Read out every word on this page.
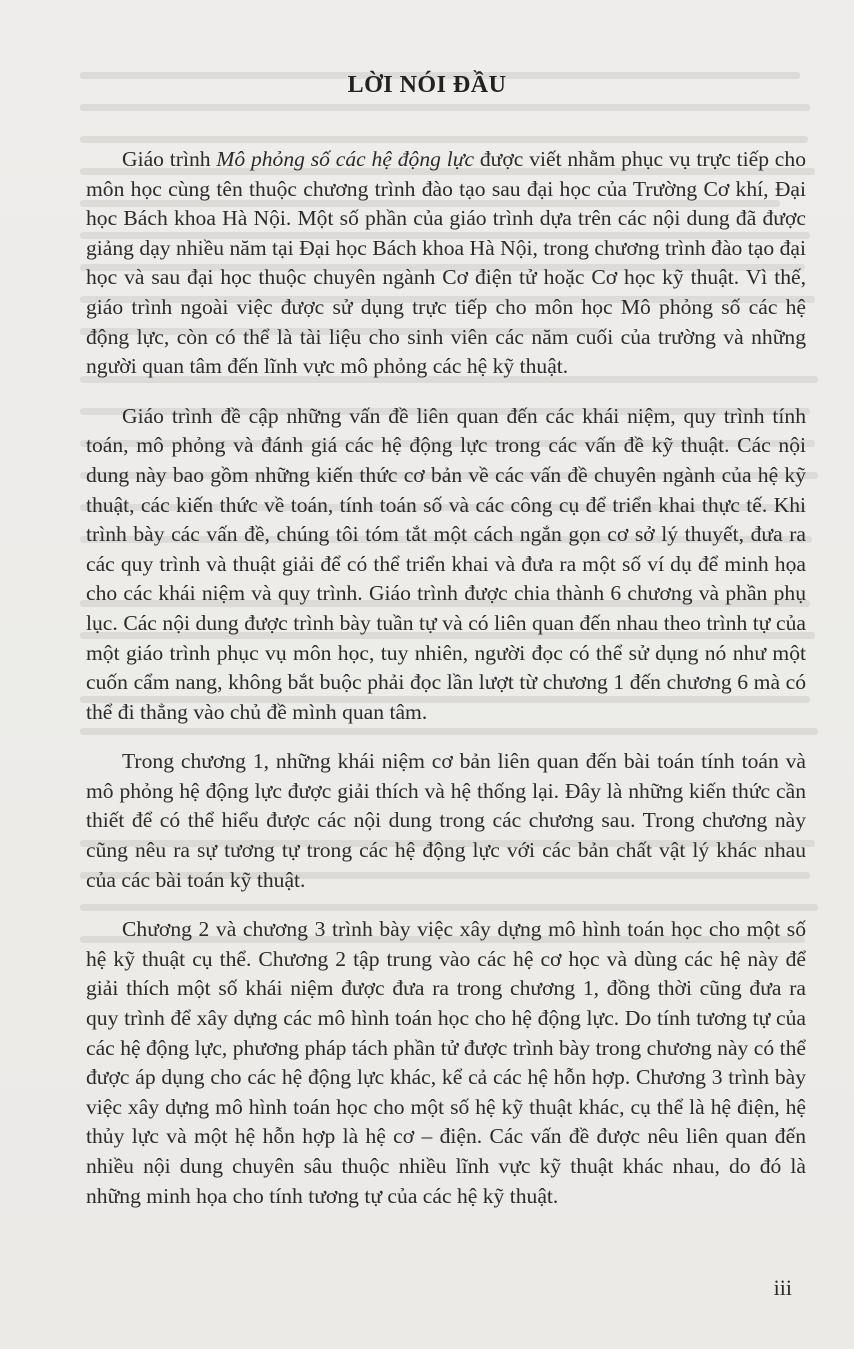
LỜI NÓI ĐẦU

Giáo trình Mô phỏng số các hệ động lực được viết nhằm phục vụ trực tiếp cho môn học cùng tên thuộc chương trình đào tạo sau đại học của Trường Cơ khí, Đại học Bách khoa Hà Nội. Một số phần của giáo trình dựa trên các nội dung đã được giảng dạy nhiều năm tại Đại học Bách khoa Hà Nội, trong chương trình đào tạo đại học và sau đại học thuộc chuyên ngành Cơ điện tử hoặc Cơ học kỹ thuật. Vì thế, giáo trình ngoài việc được sử dụng trực tiếp cho môn học Mô phỏng số các hệ động lực, còn có thể là tài liệu cho sinh viên các năm cuối của trường và những người quan tâm đến lĩnh vực mô phỏng các hệ kỹ thuật.

Giáo trình đề cập những vấn đề liên quan đến các khái niệm, quy trình tính toán, mô phỏng và đánh giá các hệ động lực trong các vấn đề kỹ thuật. Các nội dung này bao gồm những kiến thức cơ bản về các vấn đề chuyên ngành của hệ kỹ thuật, các kiến thức về toán, tính toán số và các công cụ để triển khai thực tế. Khi trình bày các vấn đề, chúng tôi tóm tắt một cách ngắn gọn cơ sở lý thuyết, đưa ra các quy trình và thuật giải để có thể triển khai và đưa ra một số ví dụ để minh họa cho các khái niệm và quy trình. Giáo trình được chia thành 6 chương và phần phụ lục. Các nội dung được trình bày tuần tự và có liên quan đến nhau theo trình tự của một giáo trình phục vụ môn học, tuy nhiên, người đọc có thể sử dụng nó như một cuốn cẩm nang, không bắt buộc phải đọc lần lượt từ chương 1 đến chương 6 mà có thể đi thẳng vào chủ đề mình quan tâm.

Trong chương 1, những khái niệm cơ bản liên quan đến bài toán tính toán và mô phỏng hệ động lực được giải thích và hệ thống lại. Đây là những kiến thức cần thiết để có thể hiểu được các nội dung trong các chương sau. Trong chương này cũng nêu ra sự tương tự trong các hệ động lực với các bản chất vật lý khác nhau của các bài toán kỹ thuật.

Chương 2 và chương 3 trình bày việc xây dựng mô hình toán học cho một số hệ kỹ thuật cụ thể. Chương 2 tập trung vào các hệ cơ học và dùng các hệ này để giải thích một số khái niệm được đưa ra trong chương 1, đồng thời cũng đưa ra quy trình để xây dựng các mô hình toán học cho hệ động lực. Do tính tương tự của các hệ động lực, phương pháp tách phần tử được trình bày trong chương này có thể được áp dụng cho các hệ động lực khác, kể cả các hệ hỗn hợp. Chương 3 trình bày việc xây dựng mô hình toán học cho một số hệ kỹ thuật khác, cụ thể là hệ điện, hệ thủy lực và một hệ hỗn hợp là hệ cơ – điện. Các vấn đề được nêu liên quan đến nhiều nội dung chuyên sâu thuộc nhiều lĩnh vực kỹ thuật khác nhau, do đó là những minh họa cho tính tương tự của các hệ kỹ thuật.

iii
